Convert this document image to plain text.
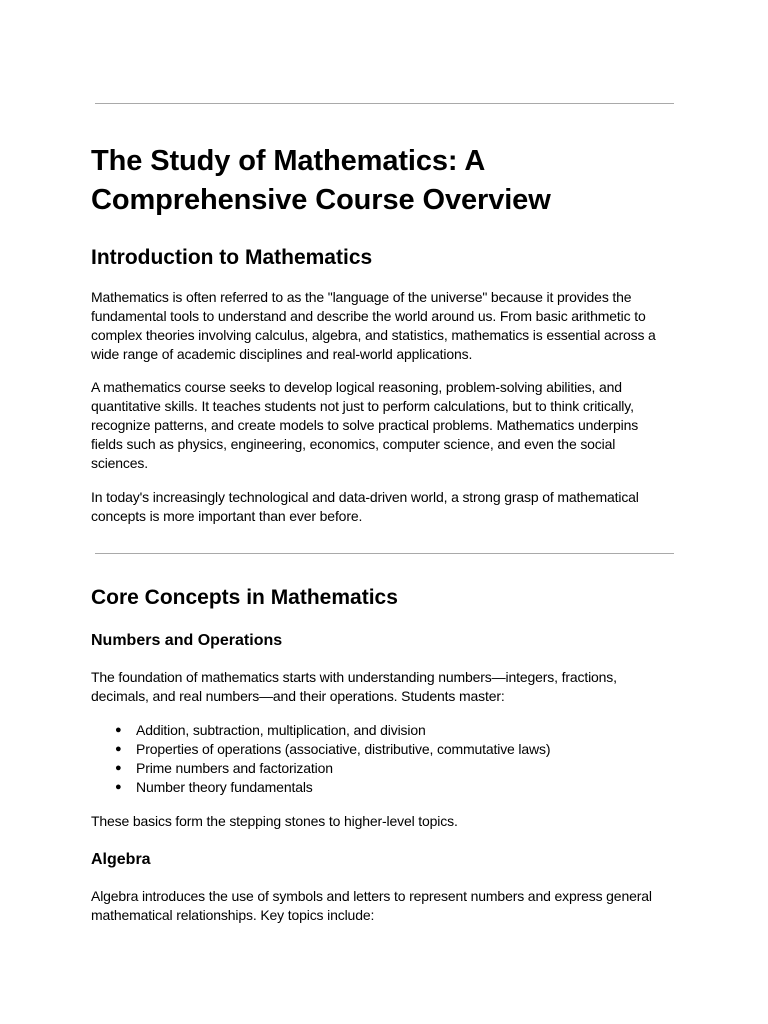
The Study of Mathematics: A Comprehensive Course Overview
Introduction to Mathematics

Mathematics is often referred to as the "language of the universe" because it provides the fundamental tools to understand and describe the world around us. From basic arithmetic to complex theories involving calculus, algebra, and statistics, mathematics is essential across a wide range of academic disciplines and real-world applications.

A mathematics course seeks to develop logical reasoning, problem-solving abilities, and quantitative skills. It teaches students not just to perform calculations, but to think critically, recognize patterns, and create models to solve practical problems. Mathematics underpins fields such as physics, engineering, economics, computer science, and even the social sciences.

In today's increasingly technological and data-driven world, a strong grasp of mathematical concepts is more important than ever before.

Core Concepts in Mathematics
Numbers and Operations

The foundation of mathematics starts with understanding numbers—integers, fractions, decimals, and real numbers—and their operations. Students master:

● Addition, subtraction, multiplication, and division
● Properties of operations (associative, distributive, commutative laws)
● Prime numbers and factorization
● Number theory fundamentals

These basics form the stepping stones to higher-level topics.

Algebra

Algebra introduces the use of symbols and letters to represent numbers and express general mathematical relationships. Key topics include:
